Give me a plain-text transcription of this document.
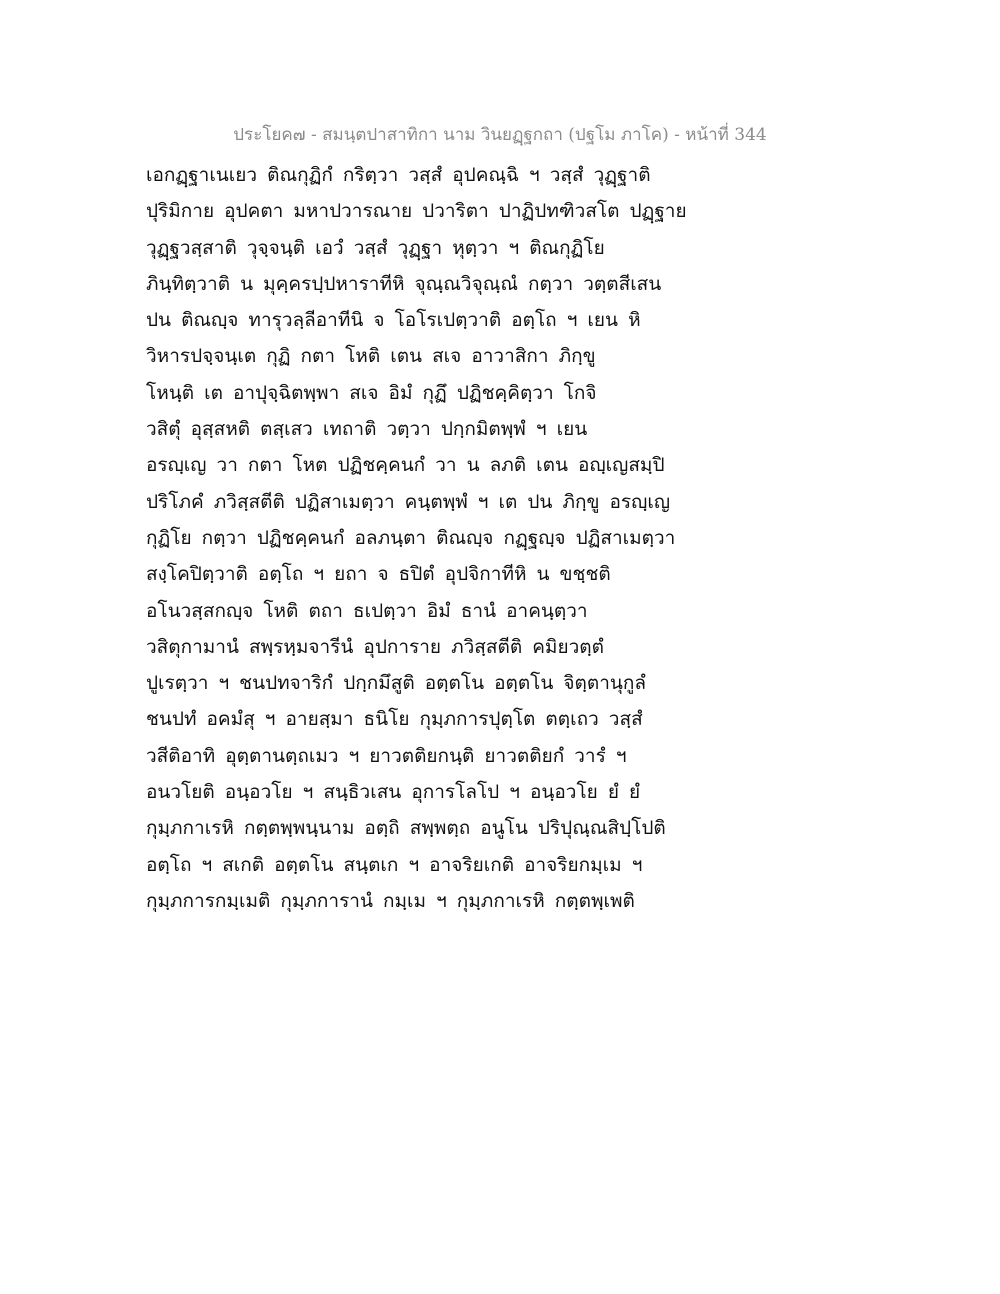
ประโยค๗ - สมนฺตปาสาทิกา นาม วินยฏฺฐกถา (ปฐโม ภาโค) - หน้าที่ 344
เอกฏฺฐาเนเยว ติณกุฏิกํ กริตฺวา วสฺสํ อุปคณฺฉิ ฯ วสฺสํ วุฏฺฐาติ
ปุริมิกาย อุปคตา มหาปวารณาย ปวาริตา ปาฏิปทฑิวสโต ปฏฺฐาย
วุฏฺฐวสฺสาติ วุจฺจนฺติ เอวํ วสฺสํ วุฏฺฐา หุตฺวา ฯ ติณกุฏิโย
ภินฺทิตฺวาติ น มุคฺครปฺปหาราทีหิ จุณฺณวิจุณฺณํ กตฺวา วตฺตสีเสน
ปน ติณญฺจ ทารุวลฺลีอาทีนิ จ โอโรเปตฺวาติ อตฺโถ ฯ เยน หิ
วิหารปจฺจนฺเต กุฏิ กตา โหติ เตน สเจ อาวาสิกา ภิกฺขู
โหนฺติ เต อาปุจฺฉิตพฺพา สเจ อิมํ กุฏึ ปฏิชคฺคิตฺวา โกจิ
วสิตุํ อุสฺสหติ ตสฺเสว เทถาติ วตฺวา ปกฺกมิตพฺพํ ฯ เยน
อรญฺเญ วา กตา โหต ปฏิชคฺคนกํ วา น ลภติ เตน อญฺเญสมฺปิ
ปริโภคํ ภวิสฺสตีติ ปฏิสาเมตฺวา คนฺตพฺพํ ฯ เต ปน ภิกฺขู อรญฺเญ
กุฏิโย กตฺวา ปฏิชคฺคนกํ อลภนฺตา ติณญฺจ กฏฺฐญฺจ ปฏิสาเมตฺวา
สงฺโคปิตฺวาติ อตฺโถ ฯ ยถา จ ธปิตํ อุปจิกาทีหิ น ขชฺชติ
อโนวสฺสกญฺจ โหติ ตถา ธเปตฺวา อิมํ ธานํ อาคนฺตฺวา
วสิตุกามานํ สพฺรหฺมจารีนํ อุปการาย ภวิสฺสตีติ คมิยวตฺตํ
ปูเรตฺวา ฯ ชนปทจาริกํ ปกฺกมึสูติ อตฺตโน อตฺตโน จิตฺตานุกูลํ
ชนปทํ อคมํสุ ฯ อายสฺมา ธนิโย กุมฺภการปุตฺโต ตตฺเถว วสฺสํ
วสีติอาทิ อุตฺตานตฺถเมว ฯ ยาวตติยกนฺติ ยาวตติยกํ วารํ ฯ
อนวโยติ อนฺอวโย ฯ สนฺธิวเสน อุการโลโป ฯ อนฺอวโย ยํ ยํ
กุมฺภกาเรหิ กตฺตพฺพนฺนาม อตฺถิ สพฺพตฺถ อนูโน ปริปุณฺณสิปฺโปติ
อตฺโถ ฯ สเกติ อตฺตโน สนฺตเก ฯ อาจริยเกติ อาจริยกมฺเม ฯ
กุมฺภการกมฺเมติ กุมฺภการานํ กมฺเม ฯ กุมฺภกาเรหิ กตฺตพฺเพติ
